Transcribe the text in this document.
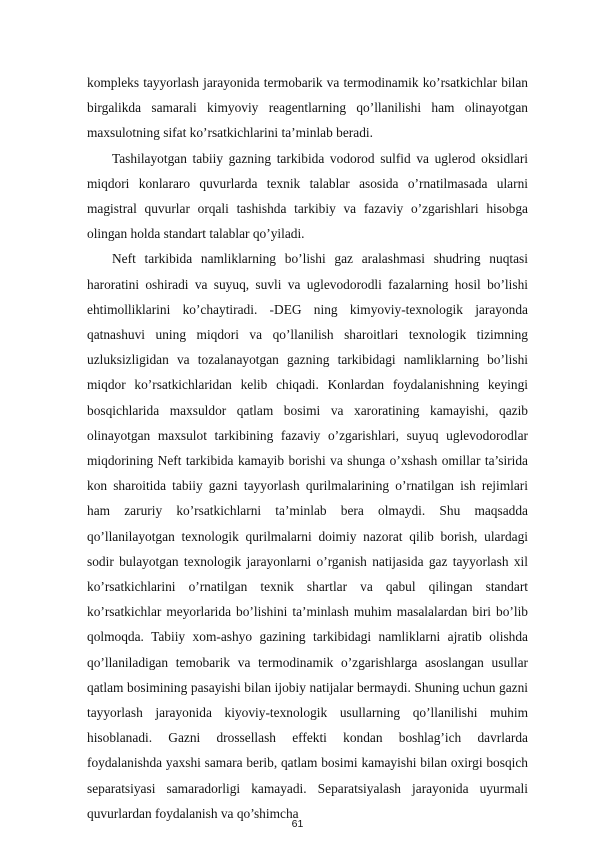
kompleks tayyorlash jarayonida termobarik va termodinamik ko’rsatkichlar bilan birgalikda samarali kimyoviy reagentlarning qo’llanilishi ham olinayotgan maxsulotning sifat ko’rsatkichlarini ta’minlab beradi.

Tashilayotgan tabiiy gazning tarkibida vodorod sulfid va uglerod oksidlari miqdori konlararo quvurlarda texnik talablar asosida o’rnatilmasada ularni magistral quvurlar orqali tashishda tarkibiy va fazaviy o’zgarishlari hisobga olingan holda standart talablar qo’yiladi.

Neft tarkibida namliklarning bo’lishi gaz aralashmasi shudring nuqtasi haroratini oshiradi va suyuq, suvli va uglevodorodli fazalarning hosil bo’lishi ehtimolliklarini ko’chaytiradi. -DEG ning kimyoviy-texnologik jarayonda qatnashuvi uning miqdori va qo’llanilish sharoitlari texnologik tizimning uzluksizligidan va tozalanayotgan gazning tarkibidagi namliklarning bo’lishi miqdor ko’rsatkichlaridan kelib chiqadi. Konlardan foydalanishning keyingi bosqichlarida maxsuldor qatlam bosimi va xaroratining kamayishi, qazib olinayotgan maxsulot tarkibining fazaviy o’zgarishlari, suyuq uglevodorodlar miqdorining Neft tarkibida kamayib borishi va shunga o’xshash omillar ta’sirida kon sharoitida tabiiy gazni tayyorlash qurilmalarining o’rnatilgan ish rejimlari ham zaruriy ko’rsatkichlarni ta’minlab bera olmaydi. Shu maqsadda qo’llanilayotgan texnologik qurilmalarni doimiy nazorat qilib borish, ulardagi sodir bulayotgan texnologik jarayonlarni o’rganish natijasida gaz tayyorlash xil ko’rsatkichlarini o’rnatilgan texnik shartlar va qabul qilingan standart ko’rsatkichlar meyorlarida bo’lishini ta’minlash muhim masalalardan biri bo’lib qolmoqda. Tabiiy xom-ashyo gazining tarkibidagi namliklarni ajratib olishda qo’llaniladigan temobarik va termodinamik o’zgarishlarga asoslangan usullar qatlam bosimining pasayishi bilan ijobiy natijalar bermaydi. Shuning uchun gazni tayyorlash jarayonida kiyoviy-texnologik usullarning qo’llanilishi muhim hisoblanadi. Gazni drossellash effekti kondan boshlag’ich davrlarda foydalanishda yaxshi samara berib, qatlam bosimi kamayishi bilan oxirgi bosqich separatsiyasi samaradorligi kamayadi. Separatsiyalash jarayonida uyurmali quvurlardan foydalanish va qo’shimcha

61
